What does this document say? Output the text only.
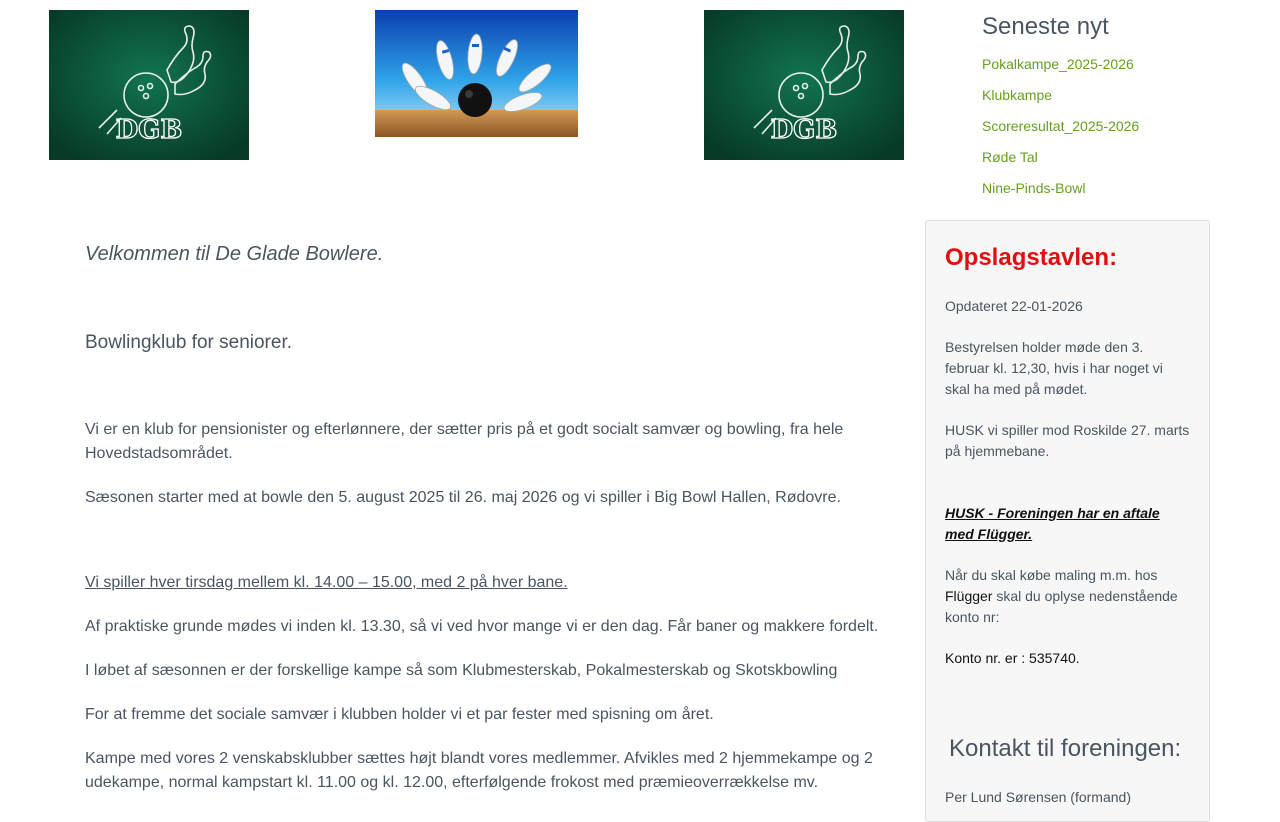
DGB	DGB
Seneste nyt
Pokalkampe_2025-2026
Klubkampe
Scoreresultat_2025-2026
Røde Tal
Nine-Pinds-Bowl

Velkommen til De Glade Bowlere.

Bowlingklub for seniorer.

Vi er en klub for pensionister og efterlønnere, der sætter pris på et godt socialt samvær og bowling, fra hele Hovedstadsområdet.

Sæsonen starter med at bowle den 5. august 2025 til 26. maj 2026 og vi spiller i Big Bowl Hallen, Rødovre.

Vi spiller hver tirsdag mellem kl. 14.00 – 15.00, med 2 på hver bane.

Af praktiske grunde mødes vi inden kl. 13.30, så vi ved hvor mange vi er den dag. Får baner og makkere fordelt.

I løbet af sæsonnen er der forskellige kampe så som Klubmesterskab, Pokalmesterskab og Skotskbowling

For at fremme det sociale samvær i klubben holder vi et par fester med spisning om året.

Kampe med vores 2 venskabsklubber sættes højt blandt vores medlemmer. Afvikles med 2 hjemmekampe og 2 udekampe, normal kampstart kl. 11.00 og kl. 12.00, efterfølgende frokost med præmieoverrækkelse mv.

Opslagstavlen:

Opdateret 22-01-2026

Bestyrelsen holder møde den 3. februar kl. 12,30, hvis i har noget vi skal ha med på mødet.

HUSK vi spiller mod Roskilde 27. marts på hjemmebane.

HUSK - Foreningen har en aftale med Flügger.

Når du skal købe maling m.m. hos Flügger skal du oplyse nedenstående konto nr:

Konto nr. er : 535740.

Kontakt til foreningen:

Per Lund Sørensen (formand)
